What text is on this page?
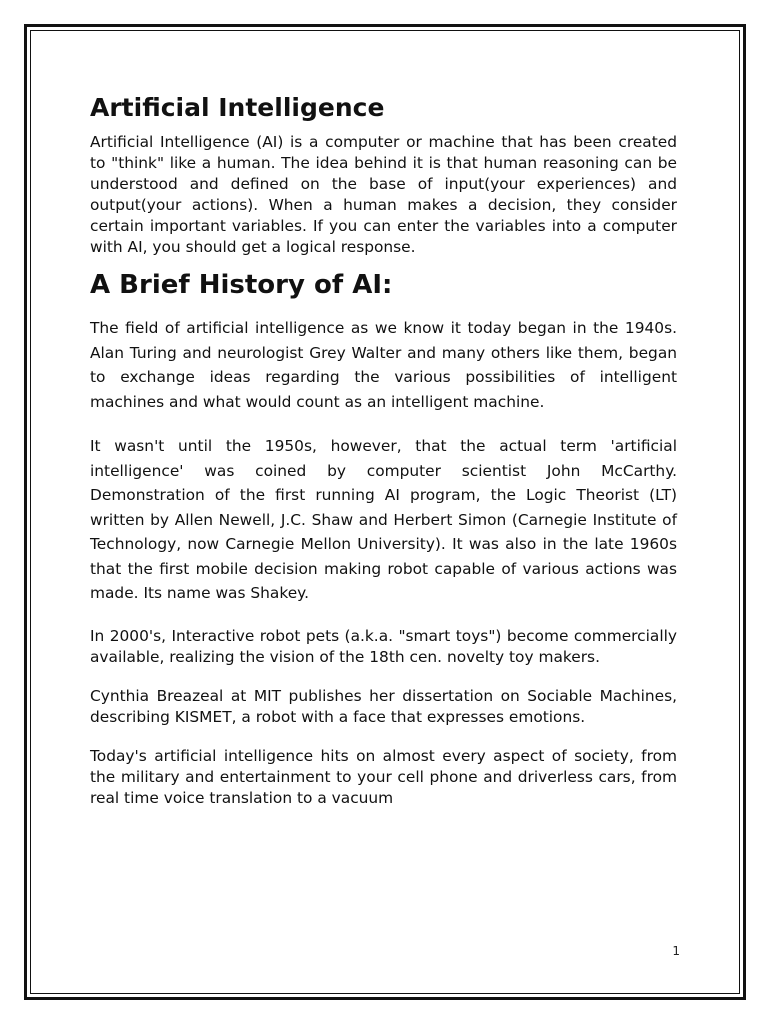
Artificial Intelligence

Artificial Intelligence (AI) is a computer or machine that has been created to "think" like a human. The idea behind it is that human reasoning can be understood and defined on the base of input(your experiences) and output(your actions). When a human makes a decision, they consider certain important variables. If you can enter the variables into a computer with AI, you should get a logical response.

A Brief History of AI:

The field of artificial intelligence as we know it today began in the 1940s. Alan Turing and neurologist Grey Walter and many others like them, began to exchange ideas regarding the various possibilities of intelligent machines and what would count as an intelligent machine.

It wasn't until the 1950s, however, that the actual term 'artificial intelligence' was coined by computer scientist John McCarthy. Demonstration of the first running AI program, the Logic Theorist (LT) written by Allen Newell, J.C. Shaw and Herbert Simon (Carnegie Institute of Technology, now Carnegie Mellon University). It was also in the late 1960s that the first mobile decision making robot capable of various actions was made. Its name was Shakey.

In 2000's, Interactive robot pets (a.k.a. "smart toys") become commercially available, realizing the vision of the 18th cen. novelty toy makers.

Cynthia Breazeal at MIT publishes her dissertation on Sociable Machines, describing KISMET, a robot with a face that expresses emotions.

Today's artificial intelligence hits on almost every aspect of society, from the military and entertainment to your cell phone and driverless cars, from real time voice translation to a vacuum

1
